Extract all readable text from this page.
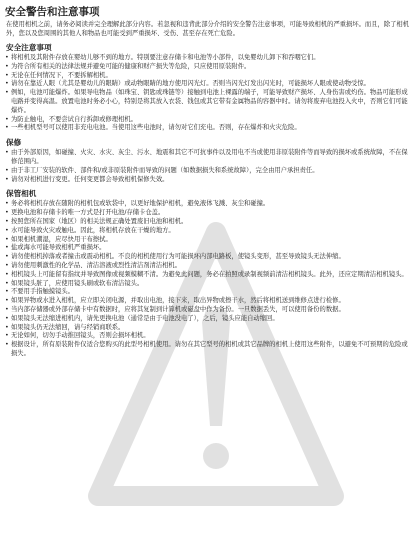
安全警告和注意事项

在使用相机之前，请务必阅读并完全理解此部分内容。若忽视和违背此部分介绍的安全警告注意事项，可能导致相机的严重损坏。而且，除了相机外，您以及您周围的其他人和物品也可能受到严重损坏、受伤、甚至存在死亡危险。

安全注意事项
• 将相机及其附件存放在婴幼儿够不到的地方。特别要注意存储卡和电池等小部件，以免婴幼儿卸下和吞咽它们。
• 为符合所有相关的法律法规并避免可能的健康和财产损失等危险，只应使用原装附件。
• 无论在任何情况下，不要拆解相机。
• 请勿在靠近人眼（尤其是婴幼儿的眼睛）或动物眼睛的地方使用闪光灯。否则当闪光灯发出闪光时，可能损坏人眼或使动物受惊。
• 例如，电池可能爆炸。如果导电物品（如珠宝、钥匙或珠链等）接触到电池上裸露的端子，可能导致财产损坏、人身伤害或灼伤。物品可能形成电路并变得高温。放置电池时务必小心，特别是将其放入衣袋、钱包或其它带有金属物品的容器中时。请勿将废弃电池投入火中，否则它们可能爆炸。
• 为防止触电，不要尝试自行拆卸或修理相机。
• 一些相机型号可以使用非充电电池。当使用这些电池时，请勿对它们充电。否则，存在爆炸和火灾危险。
保修
• 由于外部原因，如碰撞、火灾、水灾、灰尘、污水、地震和其它不可抗事件以及用电不当或使用非原装附件等而导致的损坏或系统故障，不在保修范围内。
• 由于非工厂安装的软件、部件和/或非原装附件而导致的问题（如数据损失和系统故障），完全由用户承担责任。
• 请勿对相机进行变更。任何变更都会导致相机保修失效。
保管相机
• 务必将相机存放在随附的相机包或软袋中，以更好地保护相机，避免液体飞溅、灰尘和碰撞。
• 更换电池和存储卡的唯一方式是打开电池/存储卡仓盖。
• 按照您所在国家（地区）的相关法规正确处置废旧电池和相机。
• 水可能导致火灾或触电。因此，将相机存放在干燥的地方。
• 如果相机潮湿，应尽快用干布擦拭。
• 盐或海水可能导致相机严重损坏。
• 请勿使相机掉落或者撞击或震动相机。不良的相机使用行为可能损坏内部电路板，使镜头变形，甚至导致镜头无法伸缩。
• 请勿使用刺激性的化学品、清洁溶液或烈性清洁剂清洁相机。
• 相机镜头上可能留有指纹并导致图像或视频模糊不清。为避免此问题，务必在拍照或录制视频前清洁相机镜头。此外，还应定期清洁相机镜头。
• 如果镜头脏了，应使用镜头刷或软布清洁镜头。
• 不要用手指触摸镜头。
• 如果异物或水进入相机，应立即关闭电源，并取出电池，接下来，取出异物或擦干水，然后将相机送到维修点进行检修。
• 当内部存储器或外部存储卡中有数据时，应将其复制到计算机或磁盘中作为备份。一旦数据丢失，可以使用备份的数据。
• 如果镜头无法缩进相机内，请先更换电池（通常是由于电池没电了），之后，镜头应能自动缩回。
• 如果镜头仍无法缩回，请与经销商联系。
• 无论如何，切勿手动推回镜头，否则会损坏相机。
• 根据设计，所有原装附件仅适合您购买的此型号相机使用。请勿在其它型号的相机或其它品牌的相机上使用这些附件，以避免不可预期的危险或损失。
